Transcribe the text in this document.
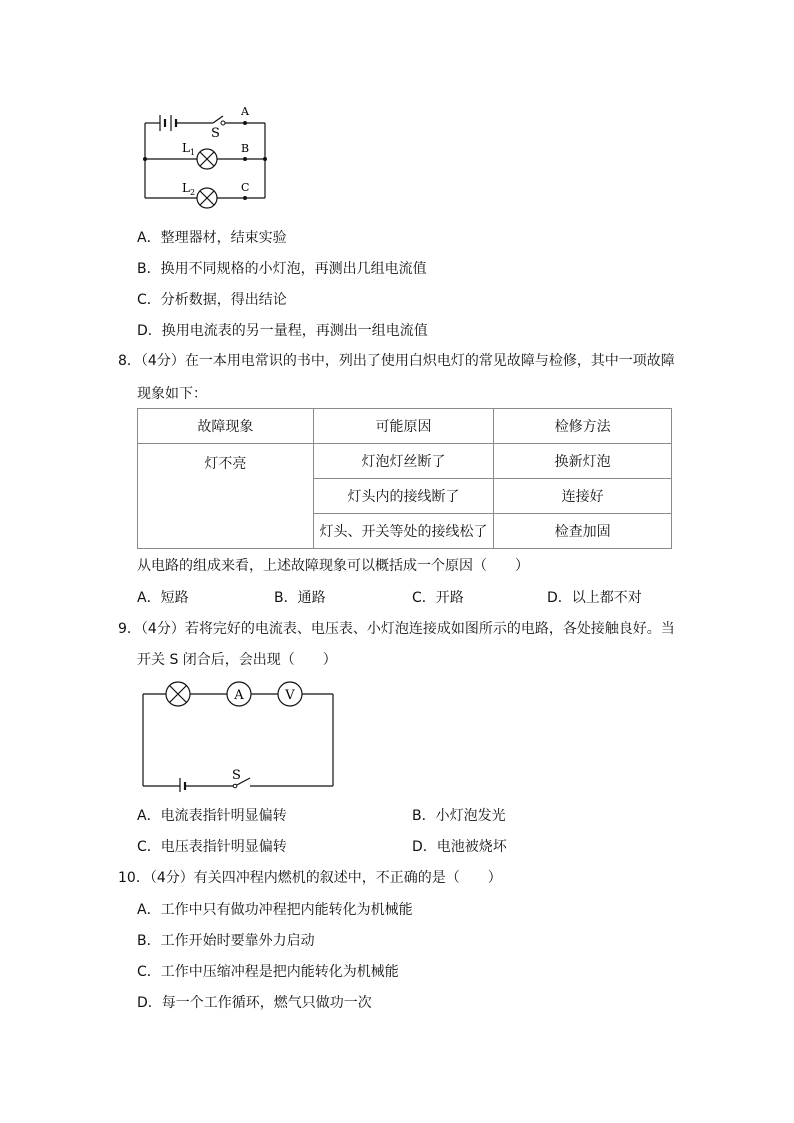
S
A
B
C
$L_1$
$L_2$
A．整理器材，结束实验
B．换用不同规格的小灯泡，再测出几组电流值
C．分析数据，得出结论
D．换用电流表的另一量程，再测出一组电流值
8．（4分）在一本用电常识的书中，列出了使用白炽电灯的常见故障与检修，其中一项故障
现象如下：
故障现象	可能原因	检修方法
灯不亮	灯泡灯丝断了	换新灯泡
	灯头内的接线断了	连接好
	灯头、开关等处的接线松了	检查加固
从电路的组成来看，上述故障现象可以概括成一个原因（　　）
A．短路	B．通路	C．开路	D．以上都不对
9．（4分）若将完好的电流表、电压表、小灯泡连接成如图所示的电路，各处接触良好。当
开关 S 闭合后，会出现（　　）
A	V
S
A．电流表指针明显偏转	B．小灯泡发光
C．电压表指针明显偏转	D．电池被烧坏
10．（4分）有关四冲程内燃机的叙述中，不正确的是（　　）
A．工作中只有做功冲程把内能转化为机械能
B．工作开始时要靠外力启动
C．工作中压缩冲程是把内能转化为机械能
D．每一个工作循环，燃气只做功一次
